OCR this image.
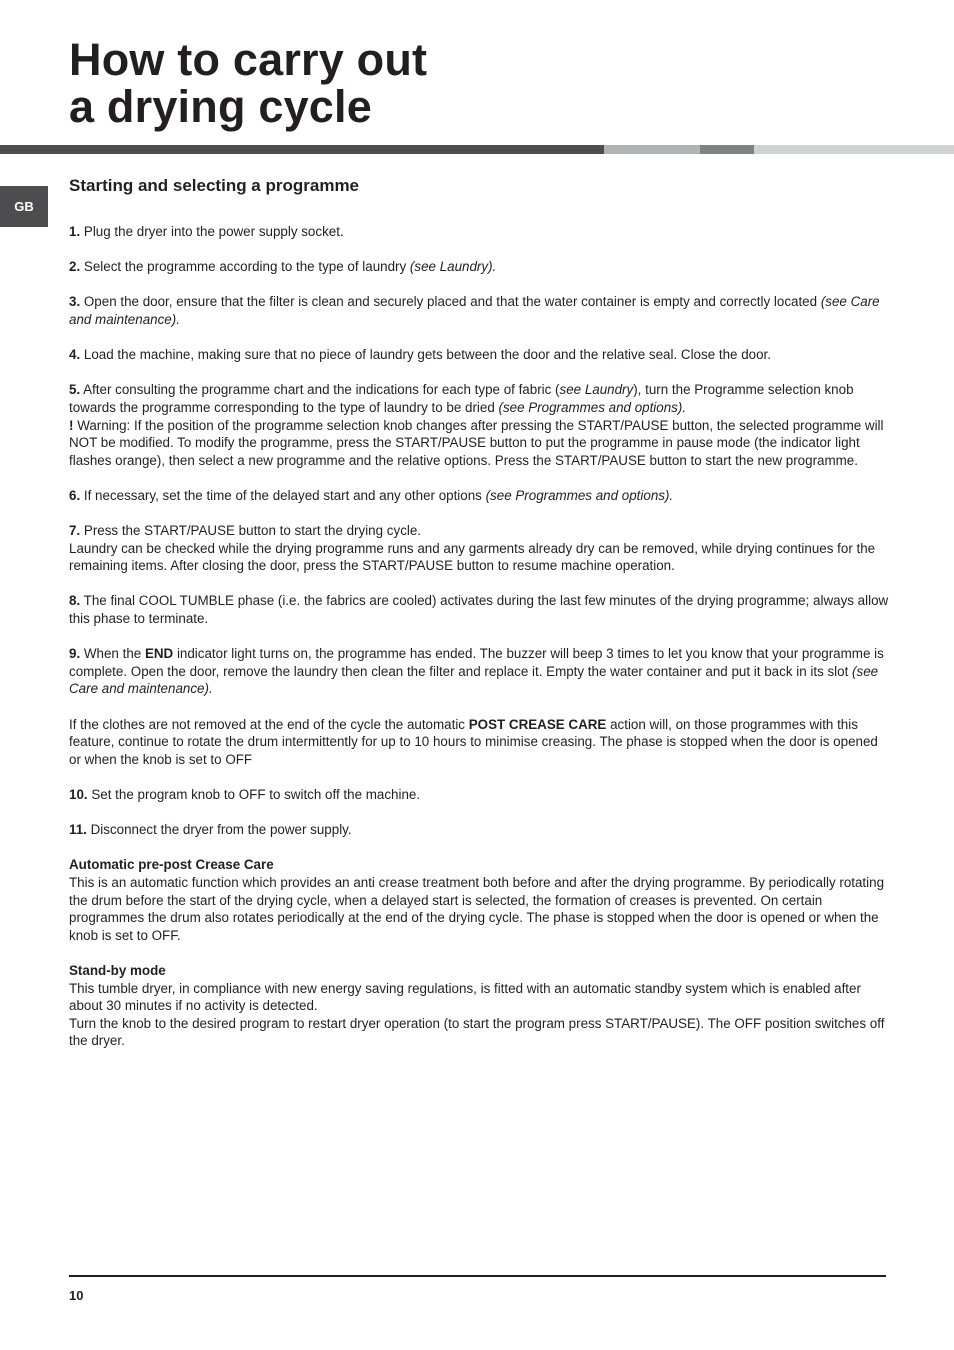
How to carry out
a drying cycle
GB
Starting and selecting a programme

1. Plug the dryer into the power supply socket.

2. Select the programme according to the type of laundry (see Laundry).

3. Open the door, ensure that the filter is clean and securely placed and that the water container is empty and correctly located (see Care and maintenance).

4. Load the machine, making sure that no piece of laundry gets between the door and the relative seal. Close the door.

5. After consulting the programme chart and the indications for each type of fabric (see Laundry), turn the Programme selection knob towards the programme corresponding to the type of laundry to be dried (see Programmes and options).

! Warning: If the position of the programme selection knob changes after pressing the START/PAUSE button, the selected programme will NOT be modified. To modify the programme, press the START/PAUSE button to put the programme in pause mode (the indicator light flashes orange), then select a new programme and the relative options. Press the START/PAUSE button to start the new programme.

6. If necessary, set the time of the delayed start and any other options (see Programmes and options).

7. Press the START/PAUSE button to start the drying cycle.

Laundry can be checked while the drying programme runs and any garments already dry can be removed, while drying continues for the remaining items. After closing the door, press the START/PAUSE button to resume machine operation.

8. The final COOL TUMBLE phase (i.e. the fabrics are cooled) activates during the last few minutes of the drying programme; always allow this phase to terminate.

9. When the END indicator light turns on, the programme has ended. The buzzer will beep 3 times to let you know that your programme is complete. Open the door, remove the laundry then clean the filter and replace it. Empty the water container and put it back in its slot (see Care and maintenance).

If the clothes are not removed at the end of the cycle the automatic POST CREASE CARE action will, on those programmes with this feature, continue to rotate the drum intermittently for up to 10 hours to minimise creasing. The phase is stopped when the door is opened or when the knob is set to OFF

10. Set the program knob to OFF to switch off the machine.

11. Disconnect the dryer from the power supply.

Automatic pre-post Crease Care

This is an automatic function which provides an anti crease treatment both before and after the drying programme. By periodically rotating the drum before the start of the drying cycle, when a delayed start is selected, the formation of creases is prevented. On certain programmes the drum also rotates periodically at the end of the drying cycle. The phase is stopped when the door is opened or when the knob is set to OFF.

Stand-by mode

This tumble dryer, in compliance with new energy saving regulations, is fitted with an automatic standby system which is enabled after about 30 minutes if no activity is detected.

Turn the knob to the desired program to restart dryer operation (to start the program press START/PAUSE). The OFF position switches off the dryer.

10
